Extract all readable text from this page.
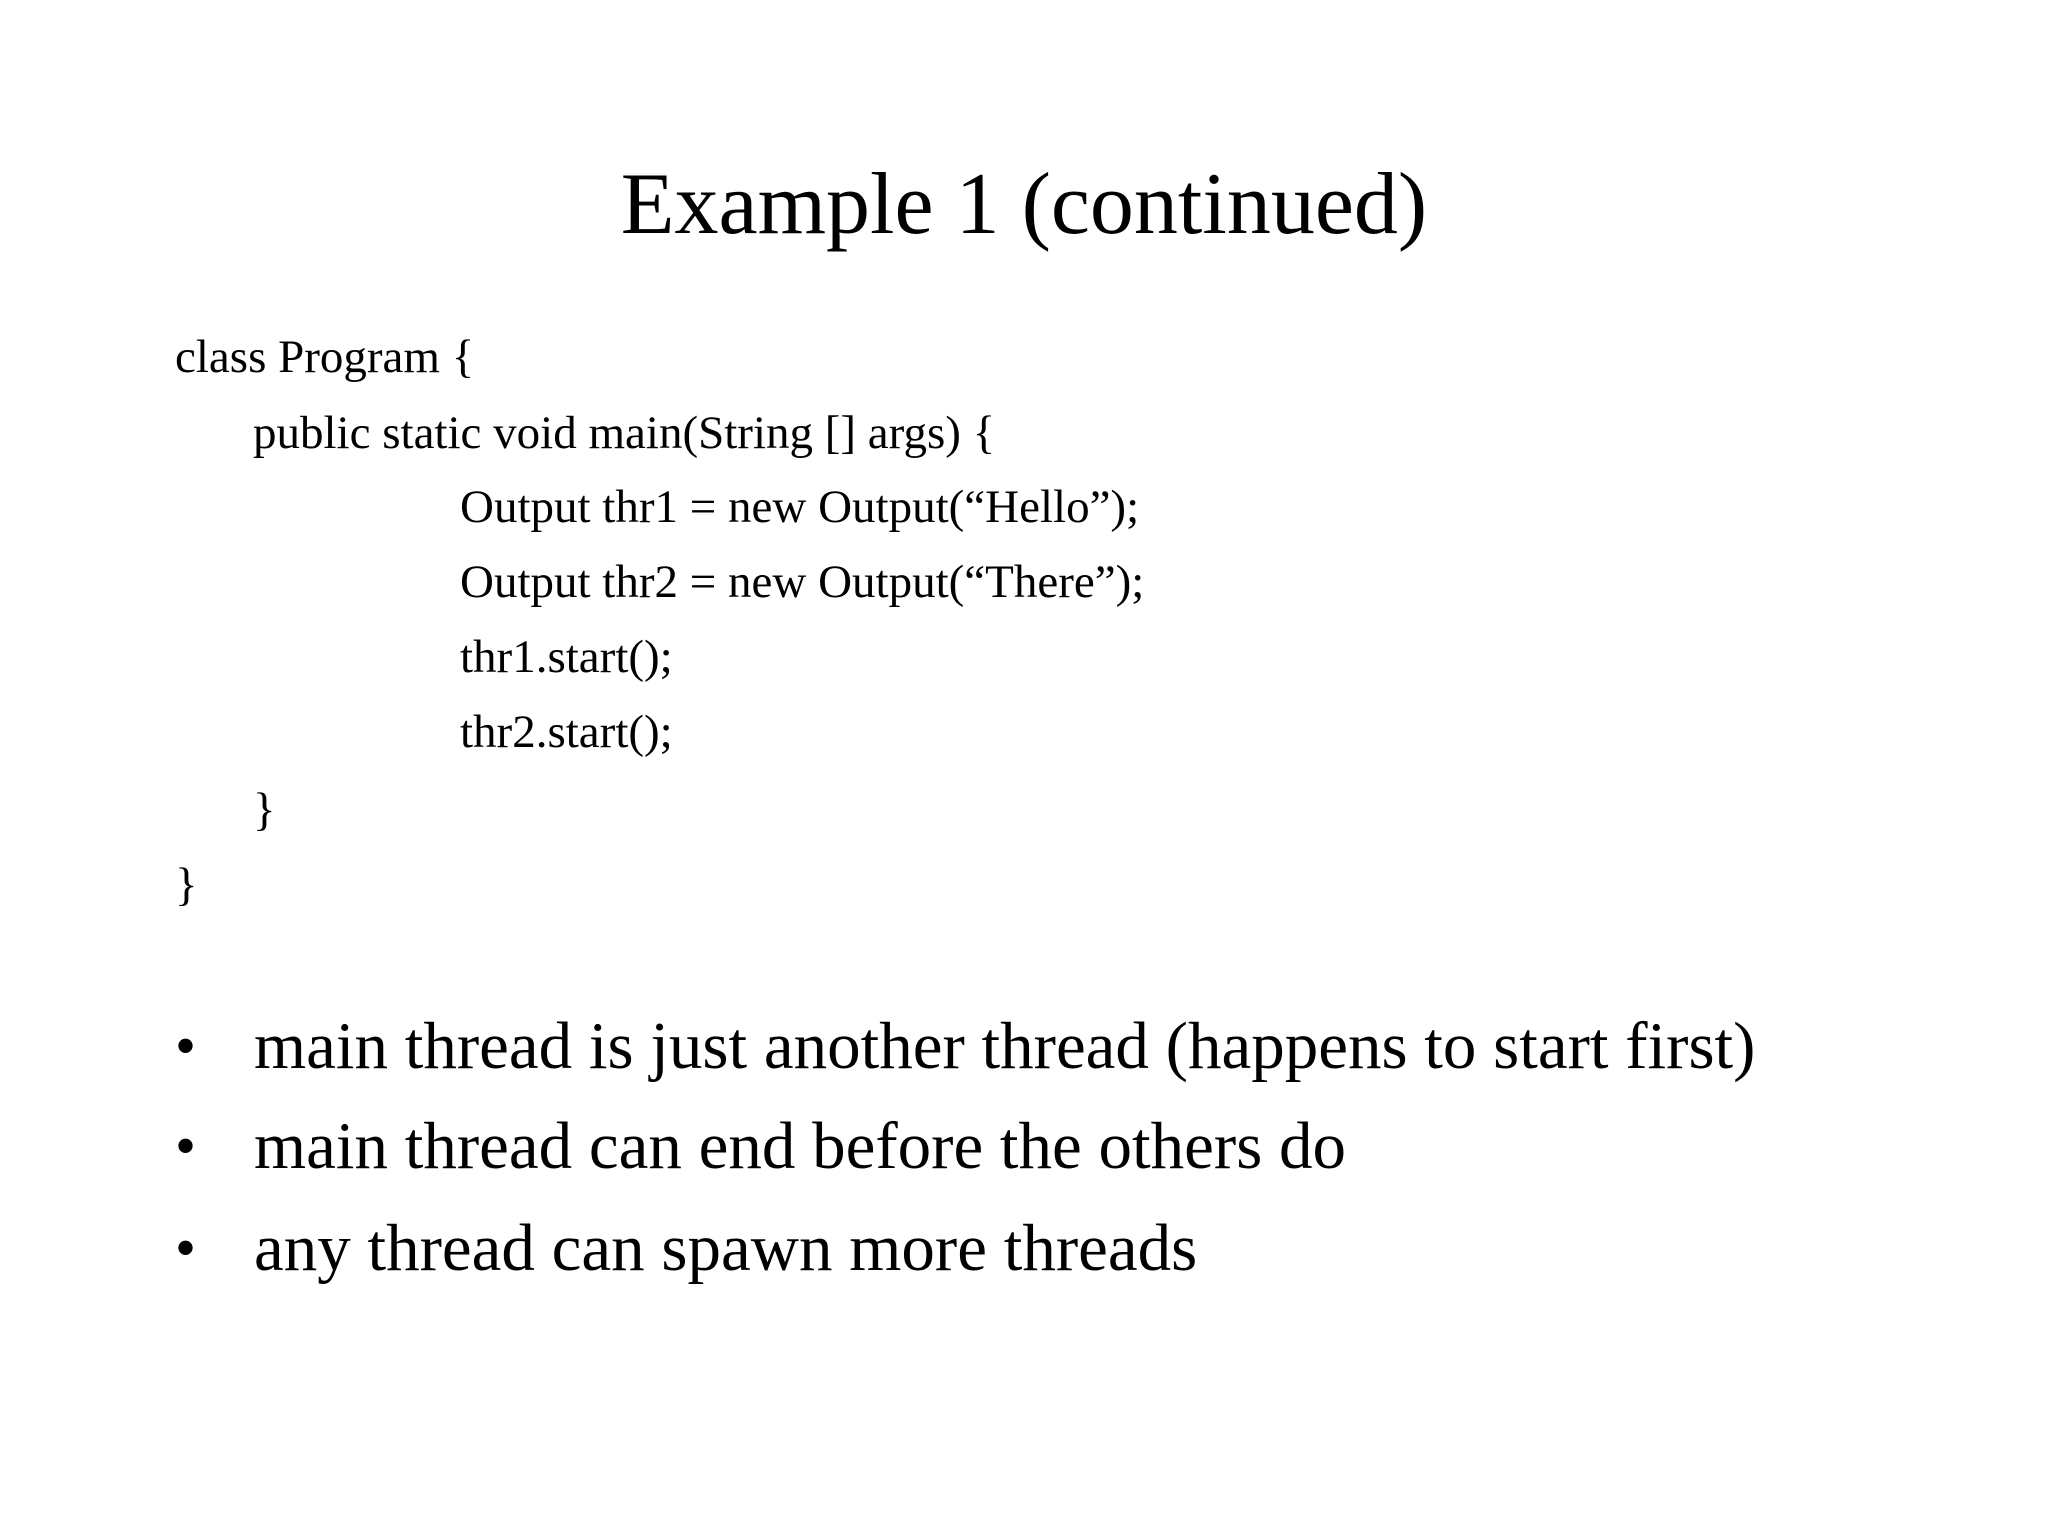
Example 1 (continued)
class Program {
public static void main(String [] args) {
Output thr1 = new Output(“Hello”);
Output thr2 = new Output(“There”);
thr1.start();
thr2.start();
}
}
• main thread is just another thread (happens to start first)
• main thread can end before the others do
• any thread can spawn more threads
